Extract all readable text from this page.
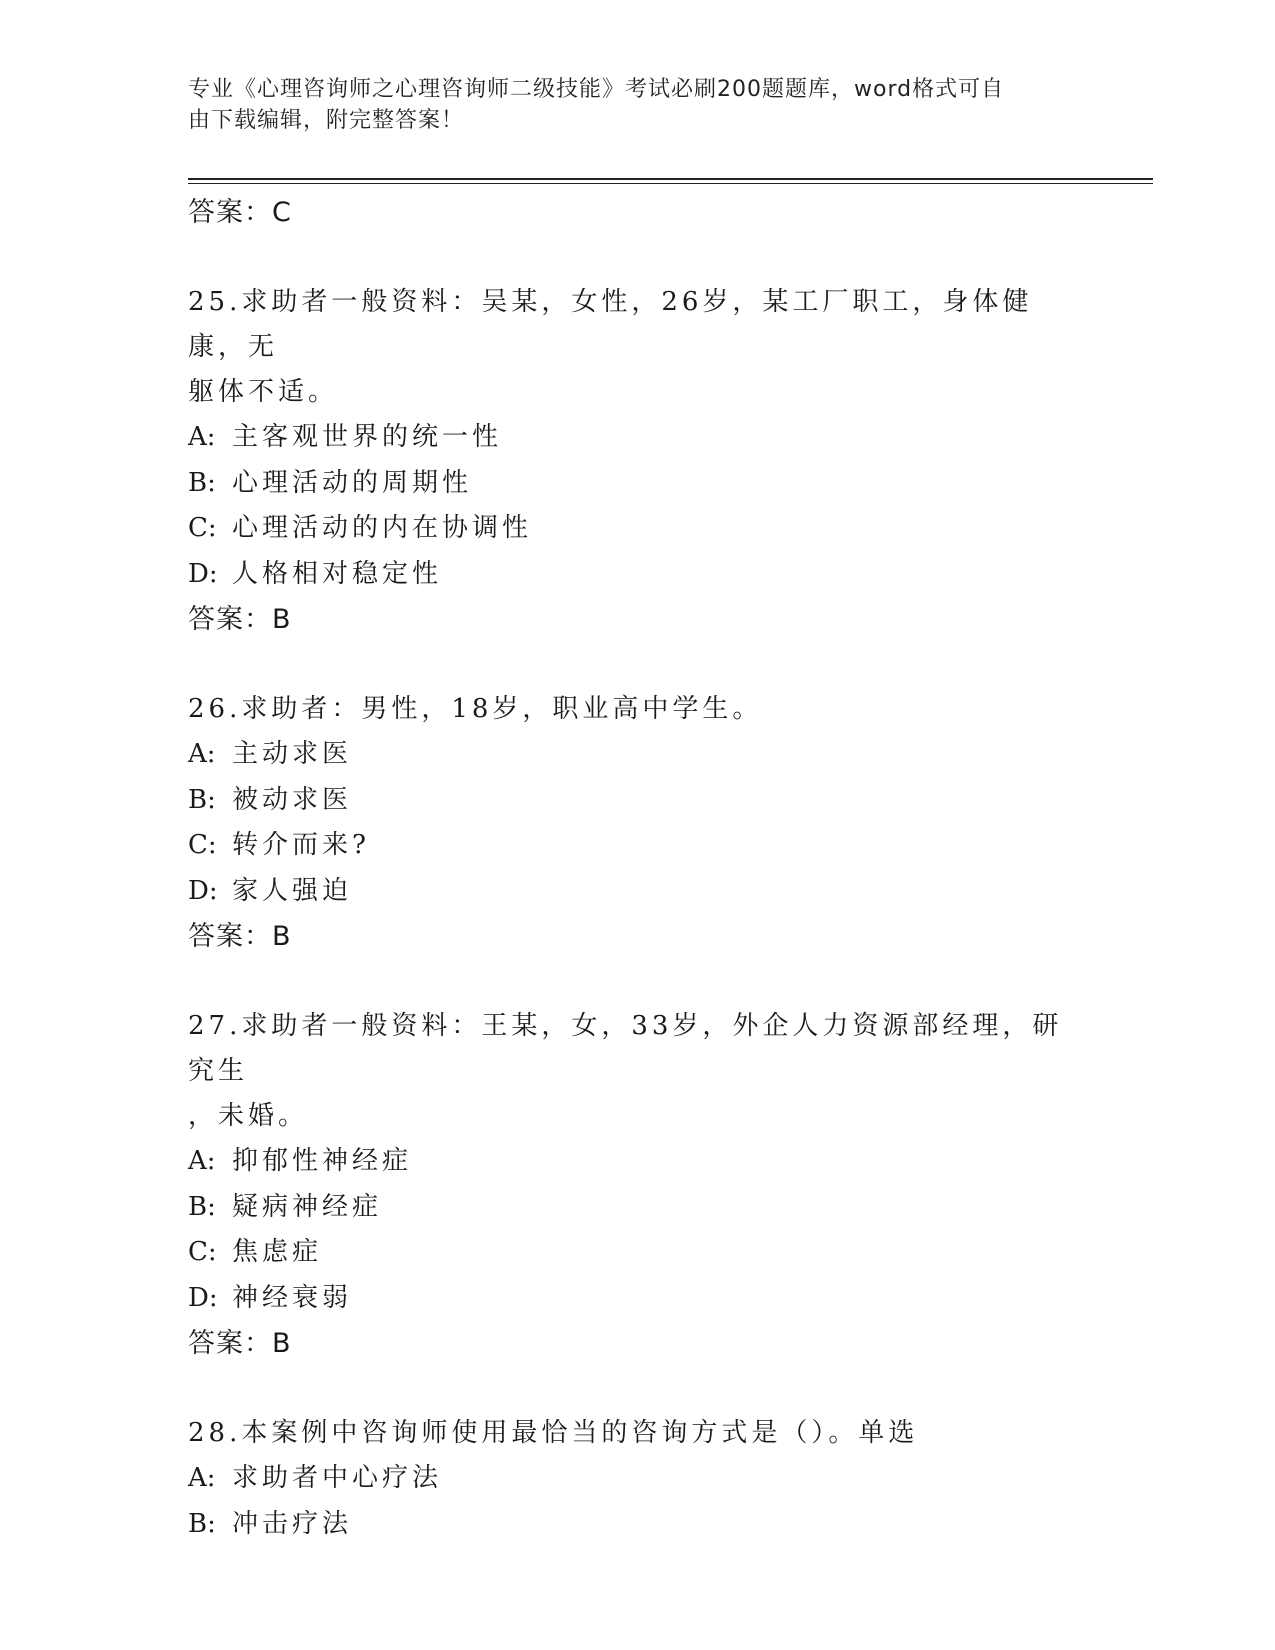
专业《心理咨询师之心理咨询师二级技能》考试必刷200题题库，word格式可自
由下载编辑，附完整答案！
答案：C
25.求助者一般资料：吴某，女性，26岁，某工厂职工，身体健康，无
躯体不适。
A: 主客观世界的统一性
B: 心理活动的周期性
C: 心理活动的内在协调性
D: 人格相对稳定性
答案：B
26.求助者：男性，18岁，职业高中学生。
A: 主动求医
B: 被动求医
C: 转介而来?
D: 家人强迫
答案：B
27.求助者一般资料：王某，女，33岁，外企人力资源部经理，研究生
，未婚。
A: 抑郁性神经症
B: 疑病神经症
C: 焦虑症
D: 神经衰弱
答案：B
28.本案例中咨询师使用最恰当的咨询方式是（）。单选
A: 求助者中心疗法
B: 冲击疗法
